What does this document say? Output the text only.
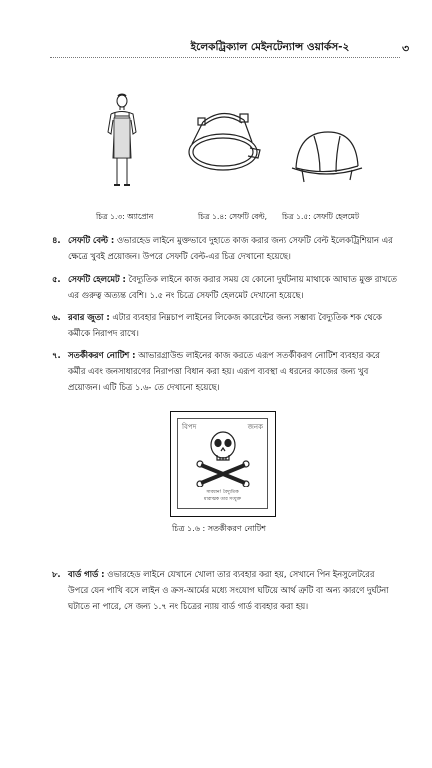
ইলেকট্রিক্যাল মেইনটেন্যান্স ওয়ার্কস-২	৩
চিত্র ১.৩: অ্যাপ্রোন	চিত্র ১.৪: সেফটি বেল্ট, চিত্র ১.৫: সেফটি হেলমেট
৪. সেফটি বেল্ট : ওভারহেড লাইনে মুক্তভাবে দুহাতে কাজ করার জন্য সেফটি বেল্ট ইলেকট্রিশিয়ান এর ক্ষেত্রে খুবই প্রয়োজন। উপরে সেফটি বেল্ট-এর চিত্র দেখানো হয়েছে।
৫. সেফটি হেলমেট : বৈদ্যুতিক লাইনে কাজ করার সময় যে কোনো দুর্ঘটনায় মাথাকে আঘাত মুক্ত রাখতে এর গুরুত্ব অত্যন্ত বেশি। ১.৫ নং চিত্রে সেফটি হেলমেট দেখানো হয়েছে।
৬. রবার জুতা : এটার ব্যবহার নিম্নচাপ লাইনের লিকেজ কারেন্টের জন্য সম্ভাব্য বৈদ্যুতিক শক থেকে কর্মীকে নিরাপদ রাখে।
৭. সতর্কীকরণ নোটিশ : আভারগ্রাউন্ড লাইনের কাজ করতে এরূপ সতর্কীকরণ নোটিশ ব্যবহার করে কর্মীর এবং জনসাধারণের নিরাপত্তা বিধান করা হয়। এরূপ ব্যবস্থা এ ধরনের কাজের জন্য খুব প্রয়োজন। এটি চিত্র ১.৬- তে দেখানো হয়েছে।
বিপদ	জনক
সাবধান! বৈদ্যুতিক
মারাত্মক তার সংযুক্ত
চিত্র ১.৬ : সতর্কীকরণ নোটিশ
৮. বার্ড গার্ড : ওভারহেড লাইনে যেখানে খোলা তার ব্যবহার করা হয়, সেখানে পিন ইনসুলেটরের উপরে যেন পাখি বসে লাইন ও ক্রস-আর্মের মধ্যে সংযোগ ঘটিয়ে আর্থ ত্রুটি বা অন্য কারণে দুর্ঘটনা ঘটাতে না পারে, সে জন্য ১.৭ নং চিত্রের ন্যায় বার্ড গার্ড ব্যবহার করা হয়।
